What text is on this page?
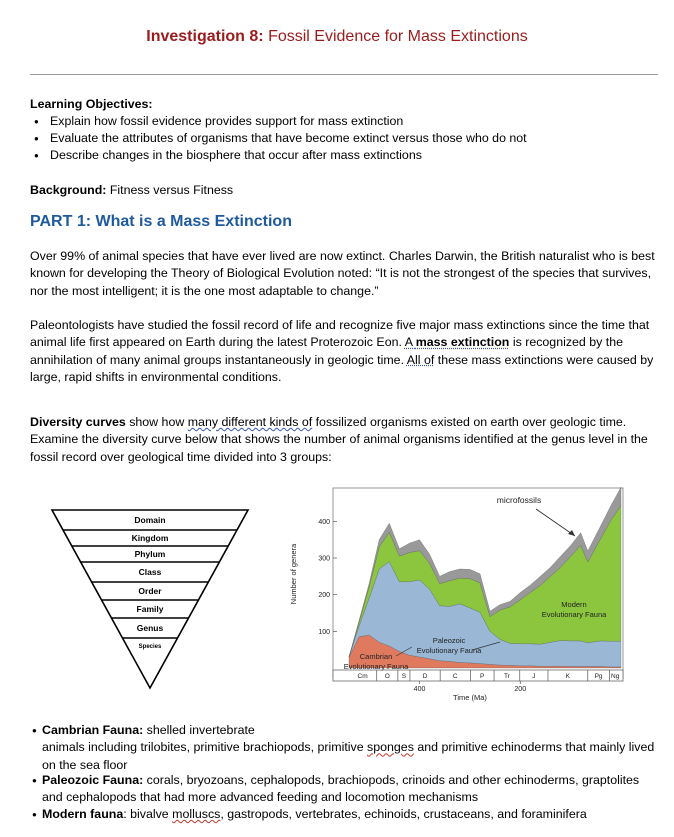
Investigation 8: Fossil Evidence for Mass Extinctions
Learning Objectives:
● Explain how fossil evidence provides support for mass extinction
● Evaluate the attributes of organisms that have become extinct versus those who do not
● Describe changes in the biosphere that occur after mass extinctions
Background: Fitness versus Fitness
PART 1: What is a Mass Extinction
Over 99% of animal species that have ever lived are now extinct. Charles Darwin, the British naturalist who is best known for developing the Theory of Biological Evolution noted: “It is not the strongest of the species that survives, nor the most intelligent; it is the one most adaptable to change.”
Paleontologists have studied the fossil record of life and recognize five major mass extinctions since the time that animal life first appeared on Earth during the latest Proterozoic Eon. A mass extinction is recognized by the annihilation of many animal groups instantaneously in geologic time. All of these mass extinctions were caused by large, rapid shifts in environmental conditions.
Diversity curves show how many different kinds of fossilized organisms existed on earth over geologic time. Examine the diversity curve below that shows the number of animal organisms identified at the genus level in the fossil record over geological time divided into 3 groups:
Domain
Kingdom
Phylum
Class
Order
Family
Genus
Species
100
200
300
400
Cm	O S	D	C	P	Tr	J	K	Pg Ng
400	200
Number of genera
Time (Ma)
microfossils
Modern
Evolutionary Fauna
Paleozoic
Evolutionary Fauna
Cambrian
Evolutionary Fauna
● Cambrian Fauna: shelled invertebrate
animals including trilobites, primitive brachiopods, primitive sponges and primitive echinoderms that mainly lived on the sea floor
● Paleozoic Fauna: corals, bryozoans, cephalopods, brachiopods, crinoids and other echinoderms, graptolites and cephalopods that had more advanced feeding and locomotion mechanisms
● Modern fauna: bivalve molluscs, gastropods, vertebrates, echinoids, crustaceans, and foraminifera
